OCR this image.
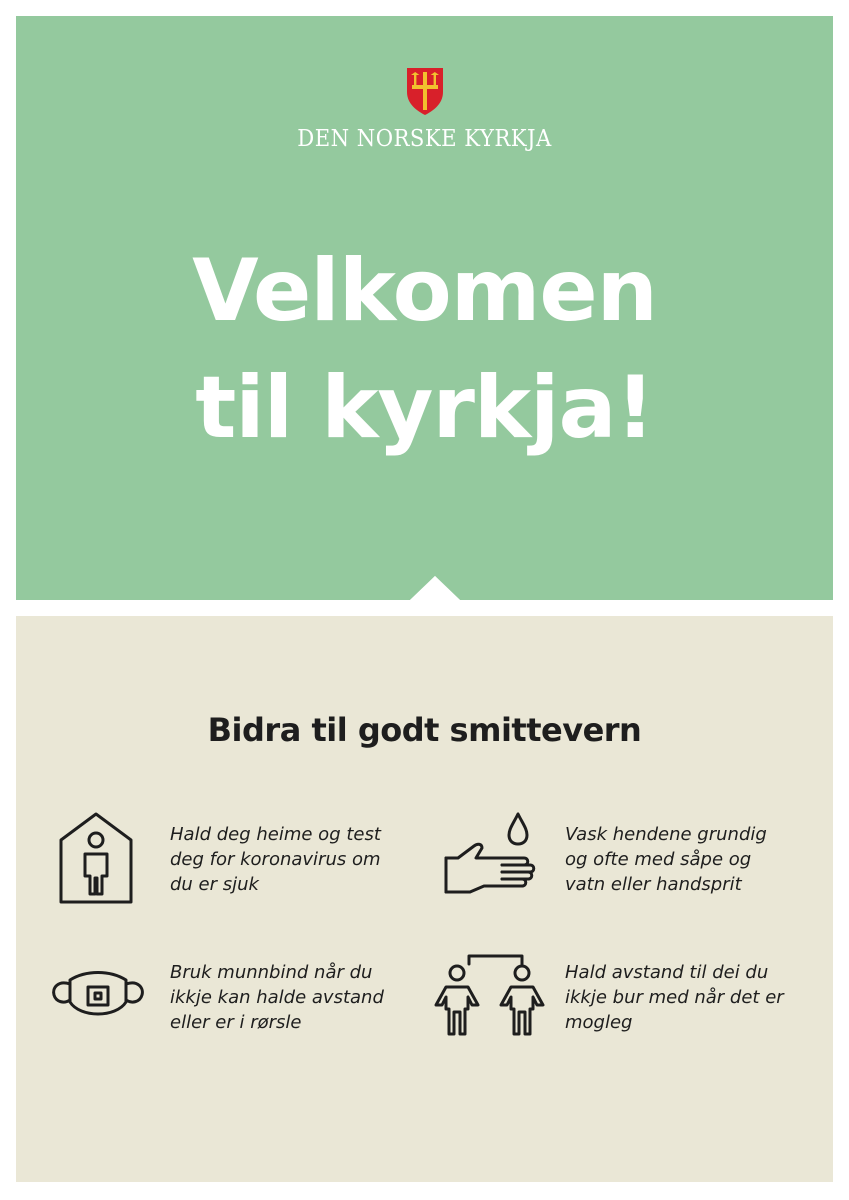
DEN NORSKE KYRKJA
Velkomen
til kyrkja!
Bidra til godt smittevern
Hald deg heime og test
deg for koronavirus om
du er sjuk
Vask hendene grundig
og ofte med såpe og
vatn eller handsprit
Bruk munnbind når du
ikkje kan halde avstand
eller er i rørsle
Hald avstand til dei du
ikkje bur med når det er
mogleg
